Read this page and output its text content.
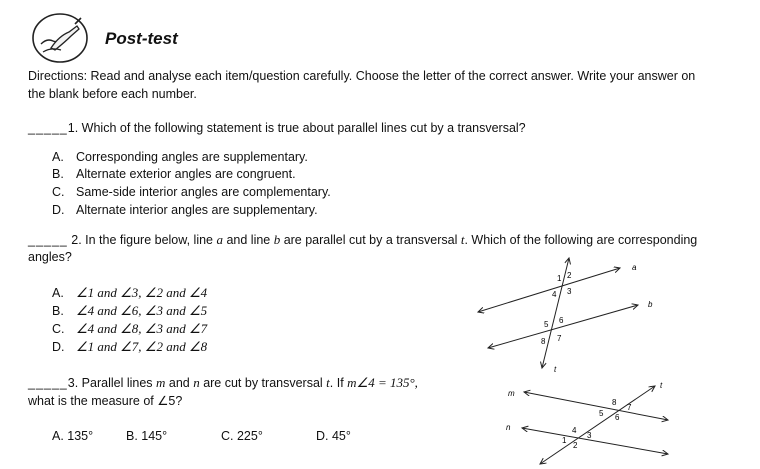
Post-test
Directions: Read and analyse each item/question carefully. Choose the letter of the correct answer. Write your answer on
the blank before each number.
_____1. Which of the following statement is true about parallel lines cut by a transversal?
A. Corresponding angles are supplementary.
B. Alternate exterior angles are congruent.
C. Same-side interior angles are complementary.
D. Alternate interior angles are supplementary.
_____ 2. In the figure below, line a and line b are parallel cut by a transversal t. Which of the following are corresponding
angles?
A. ∠1 and ∠3, ∠2 and ∠4
B. ∠4 and ∠6, ∠3 and ∠5
C. ∠4 and ∠8, ∠3 and ∠7
D. ∠1 and ∠7, ∠2 and ∠8
a
b
t
1 2
3
4
5 6
7
8
_____3. Parallel lines m and n are cut by transversal t. If m∠4 = 135°,
what is the measure of ∠5?
A. 135°	B. 145°	C. 225°	D. 45°
m
n
t
1
2
3
4
5 6
7
8
